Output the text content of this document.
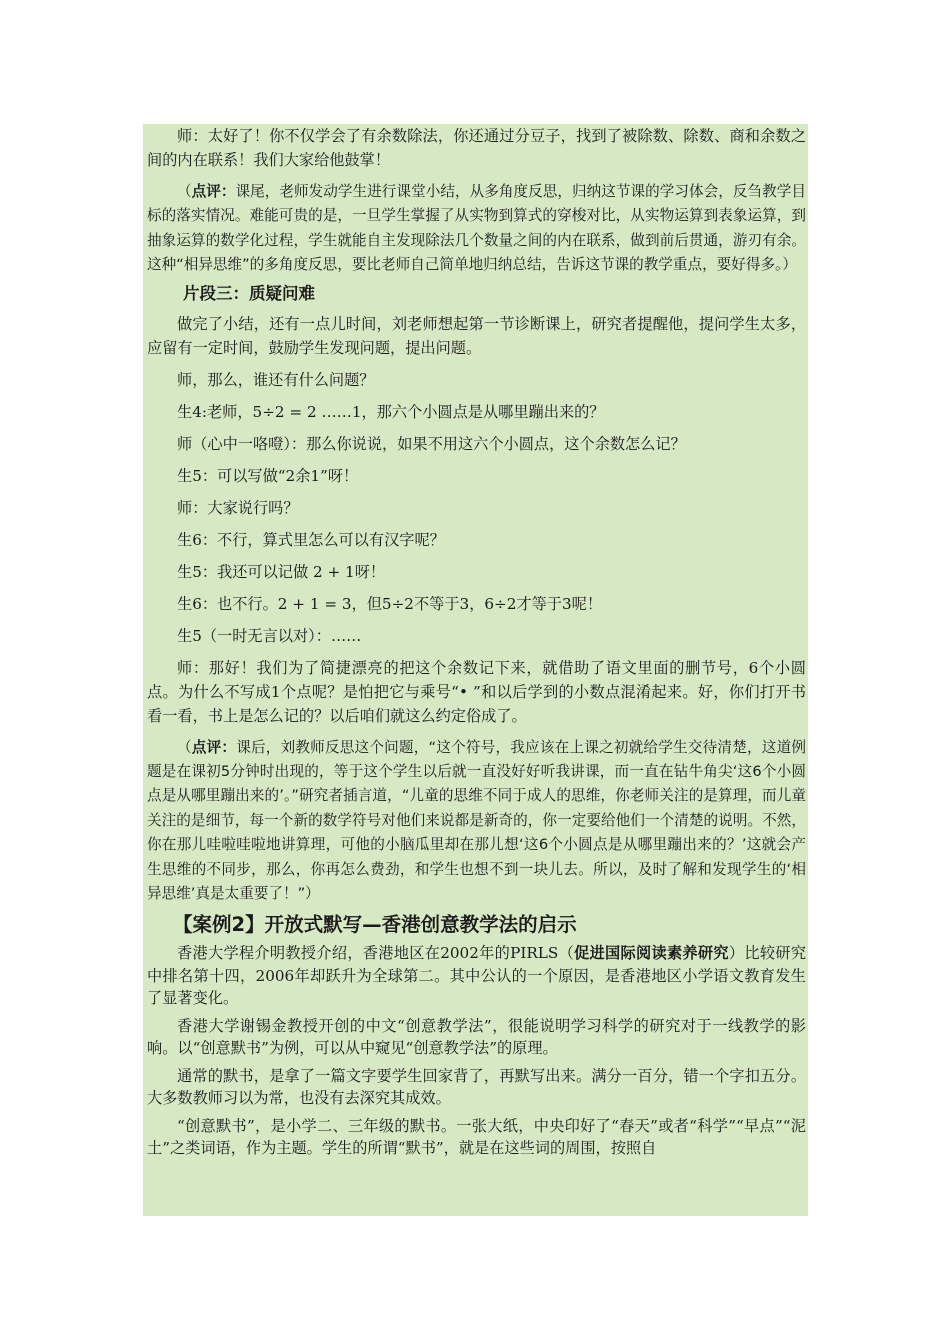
师：太好了！你不仅学会了有余数除法，你还通过分豆子，找到了被除数、除数、商和余数之间的内在联系！我们大家给他鼓掌！

（点评：课尾，老师发动学生进行课堂小结，从多角度反思，归纳这节课的学习体会，反刍教学目标的落实情况。难能可贵的是，一旦学生掌握了从实物到算式的穿梭对比，从实物运算到表象运算，到抽象运算的数学化过程，学生就能自主发现除法几个数量之间的内在联系，做到前后贯通，游刃有余。这种“相异思维”的多角度反思，要比老师自己简单地归纳总结，告诉这节课的教学重点，要好得多。）

片段三：质疑问难

做完了小结，还有一点儿时间，刘老师想起第一节诊断课上，研究者提醒他，提问学生太多，应留有一定时间，鼓励学生发现问题，提出问题。

师，那么，谁还有什么问题？

生4:老师，5÷2 = 2 ……1，那六个小圆点是从哪里蹦出来的？

师（心中一咯噔）：那么你说说，如果不用这六个小圆点，这个余数怎么记？

生5：可以写做“2余1”呀！

师：大家说行吗？

生6：不行，算式里怎么可以有汉字呢？

生5：我还可以记做 2 + 1呀！

生6：也不行。2 + 1 = 3，但5÷2不等于3，6÷2才等于3呢！

生5（一时无言以对）：……

师：那好！我们为了简捷漂亮的把这个余数记下来，就借助了语文里面的删节号，6个小圆点。为什么不写成1个点呢？是怕把它与乘号“• ”和以后学到的小数点混淆起来。好，你们打开书看一看，书上是怎么记的？以后咱们就这么约定俗成了。

（点评：课后，刘教师反思这个问题，“这个符号，我应该在上课之初就给学生交待清楚，这道例题是在课初5分钟时出现的，等于这个学生以后就一直没好好听我讲课，而一直在钻牛角尖‘这6个小圆点是从哪里蹦出来的’。”研究者插言道，“儿童的思维不同于成人的思维，你老师关注的是算理，而儿童关注的是细节，每一个新的数学符号对他们来说都是新奇的，你一定要给他们一个清楚的说明。不然，你在那儿哇啦哇啦地讲算理，可他的小脑瓜里却在那儿想‘这6个小圆点是从哪里蹦出来的？’这就会产生思维的不同步，那么，你再怎么费劲，和学生也想不到一块儿去。所以，及时了解和发现学生的‘相异思维’真是太重要了！”）

【案例2】开放式默写—香港创意教学法的启示

香港大学程介明教授介绍，香港地区在2002年的PIRLS（促进国际阅读素养研究）比较研究中排名第十四，2006年却跃升为全球第二。其中公认的一个原因，是香港地区小学语文教育发生了显著变化。

香港大学谢锡金教授开创的中文“创意教学法”，很能说明学习科学的研究对于一线教学的影响。以“创意默书”为例，可以从中窥见“创意教学法”的原理。

通常的默书，是拿了一篇文字要学生回家背了，再默写出来。满分一百分，错一个字扣五分。大多数教师习以为常，也没有去深究其成效。

“创意默书”，是小学二、三年级的默书。一张大纸，中央印好了“春天”或者“科学”“早点”“泥土”之类词语，作为主题。学生的所谓“默书”，就是在这些词的周围，按照自
